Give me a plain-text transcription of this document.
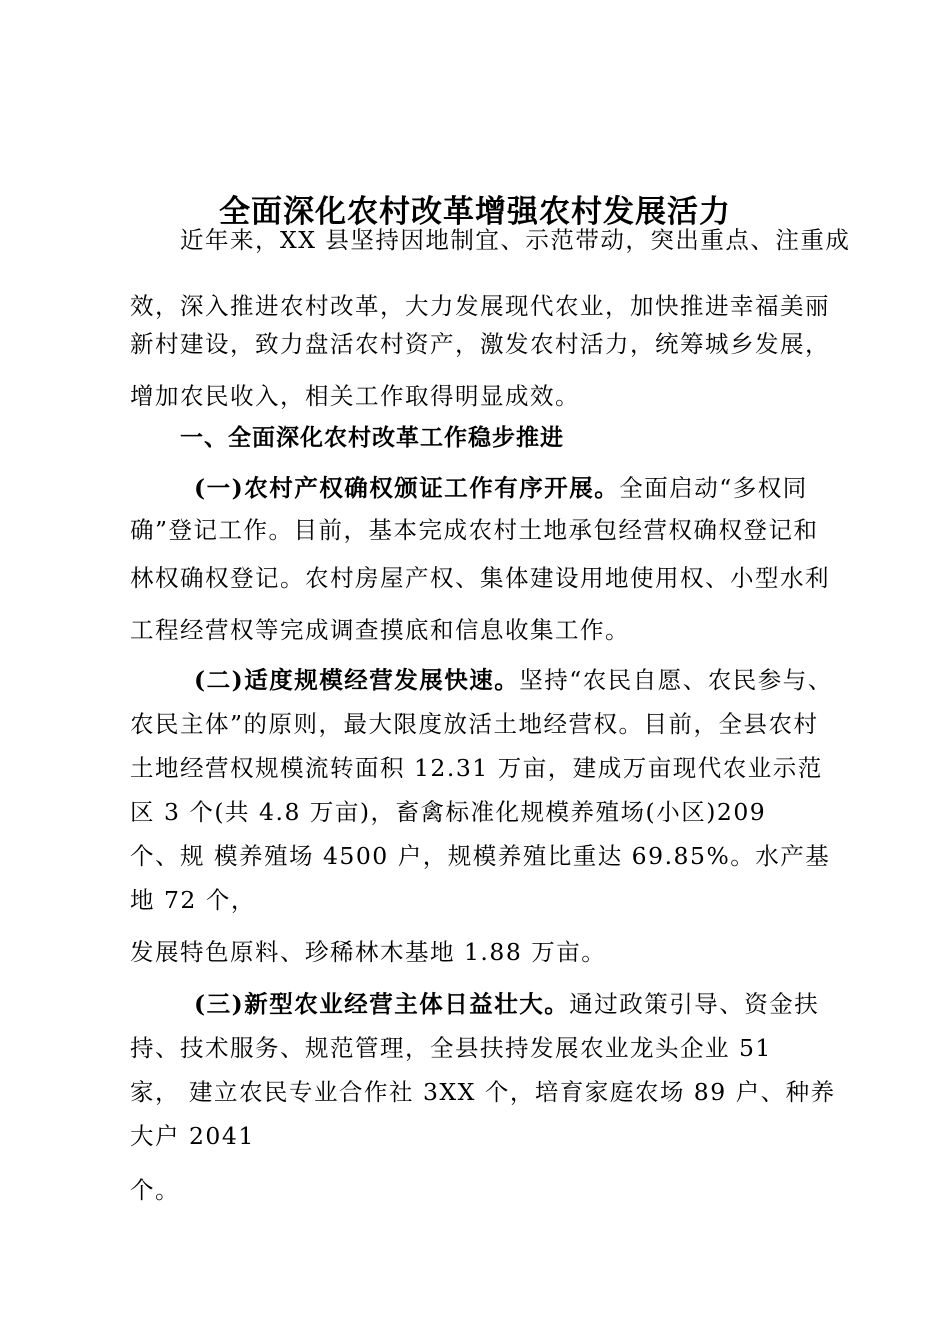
全面深化农村改革增强农村发展活力

近年来，XX 县坚持因地制宜、示范带动，突出重点、注重成

效，深入推进农村改革，大力发展现代农业，加快推进幸福美丽

新村建设，致力盘活农村资产，激发农村活力，统筹城乡发展，

增加农民收入，相关工作取得明显成效。

一、全面深化农村改革工作稳步推进

(一)农村产权确权颁证工作有序开展。全面启动“多权同

确”登记工作。目前，基本完成农村土地承包经营权确权登记和

林权确权登记。农村房屋产权、集体建设用地使用权、小型水利

工程经营权等完成调查摸底和信息收集工作。

(二)适度规模经营发展快速。坚持“农民自愿、农民参与、

农民主体”的原则，最大限度放活土地经营权。目前，全县农村

土地经营权规模流转面积 12.31 万亩，建成万亩现代农业示范

区 3 个(共 4.8 万亩)，畜禽标准化规模养殖场(小区)209

个、规 模养殖场 4500 户，规模养殖比重达 69.85%。水产基

地 72 个，

发展特色原料、珍稀林木基地 1.88 万亩。

(三)新型农业经营主体日益壮大。通过政策引导、资金扶

持、技术服务、规范管理，全县扶持发展农业龙头企业 51

家， 建立农民专业合作社 3XX 个，培育家庭农场 89 户、种养

大户 2041

个。
